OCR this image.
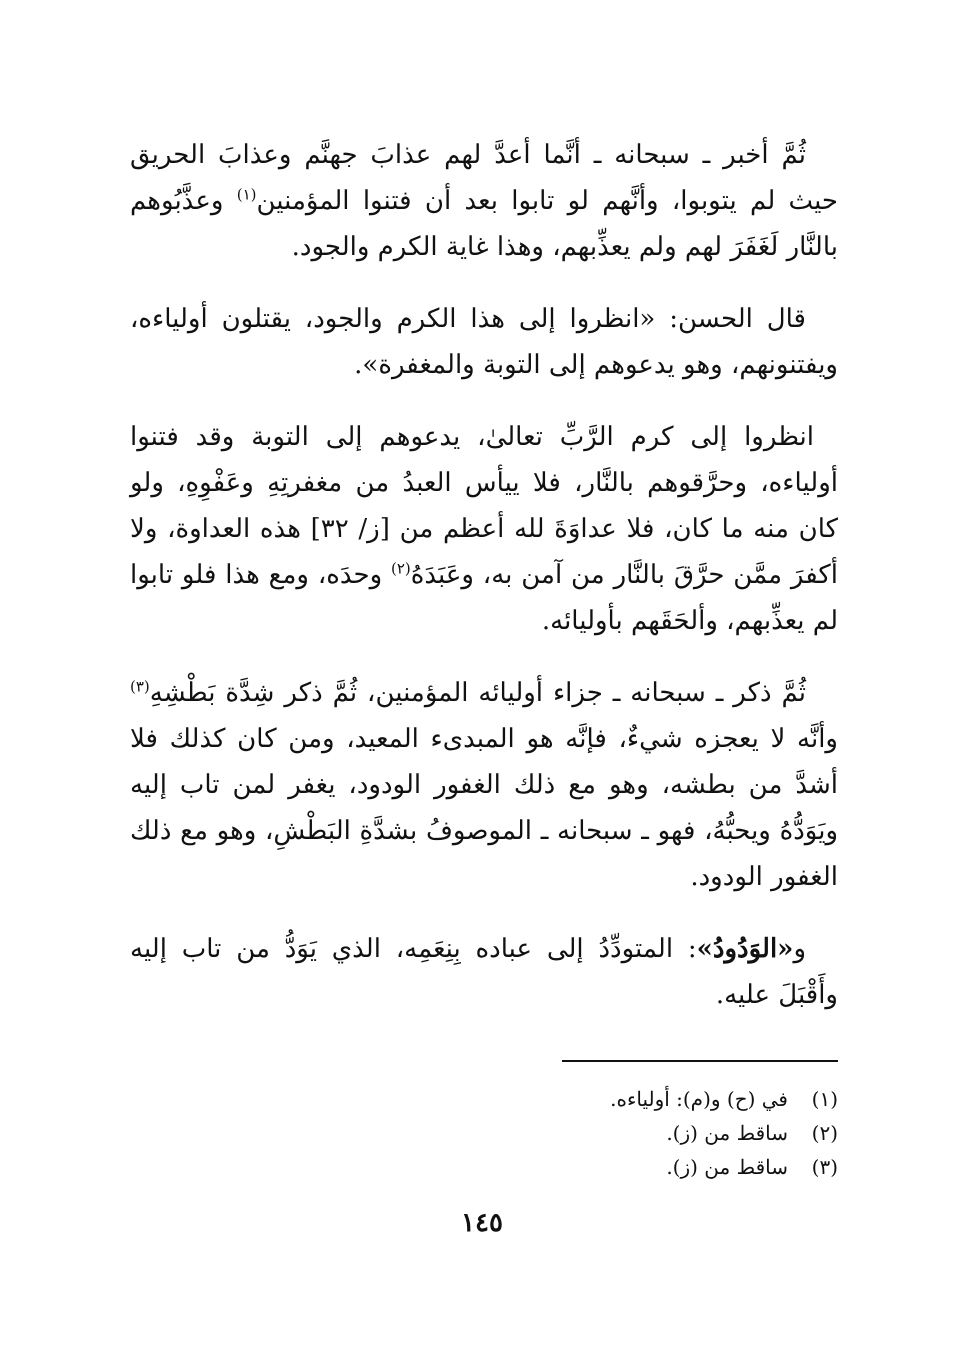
ثُمَّ أخبر ـ سبحانه ـ أنَّما أعدَّ لهم عذابَ جهنَّم وعذابَ الحريق حيث لم يتوبوا، وأنَّهم لو تابوا بعد أن فتنوا المؤمنين$^{(١)}$ وعذَّبُوهم بالنَّار لَغَفَرَ لهم ولم يعذِّبهم، وهذا غاية الكرم والجود.

قال الحسن: «انظروا إلى هذا الكرم والجود، يقتلون أولياءه، ويفتنونهم، وهو يدعوهم إلى التوبة والمغفرة».

انظروا إلى كرم الرَّبِّ تعالىٰ، يدعوهم إلى التوبة وقد فتنوا أولياءه، وحرَّقوهم بالنَّار، فلا ييأس العبدُ من مغفرتِهِ وعَفْوِهِ، ولو كان منه ما كان، فلا عداوَةَ لله أعظم من [ز/ ٣٢] هذه العداوة، ولا أكفرَ ممَّن حرَّقَ بالنَّار من آمن به، وعَبَدَهُ$^{(٢)}$ وحدَه، ومع هذا فلو تابوا لم يعذِّبهم، وألحَقَهم بأوليائه.

ثُمَّ ذكر ـ سبحانه ـ جزاء أوليائه المؤمنين، ثُمَّ ذكر شِدَّة بَطْشِهِ$^{(٣)}$ وأنَّه لا يعجزه شيءٌ، فإنَّه هو المبدىء المعيد، ومن كان كذلك فلا أشدَّ من بطشه، وهو مع ذلك الغفور الودود، يغفر لمن تاب إليه ويَوَدُّهُ ويحبُّهُ، فهو ـ سبحانه ـ الموصوفُ بشدَّةِ البَطْشِ، وهو مع ذلك الغفور الودود.

و«الوَدُودُ»: المتودِّدُ إلى عباده بِنِعَمِه، الذي يَوَدُّ من تاب إليه وأَقْبَلَ عليه.

(١)
في (ح) و(م): أولياءه.
(٢)
ساقط من (ز).
(٣)
ساقط من (ز).
١٤٥
